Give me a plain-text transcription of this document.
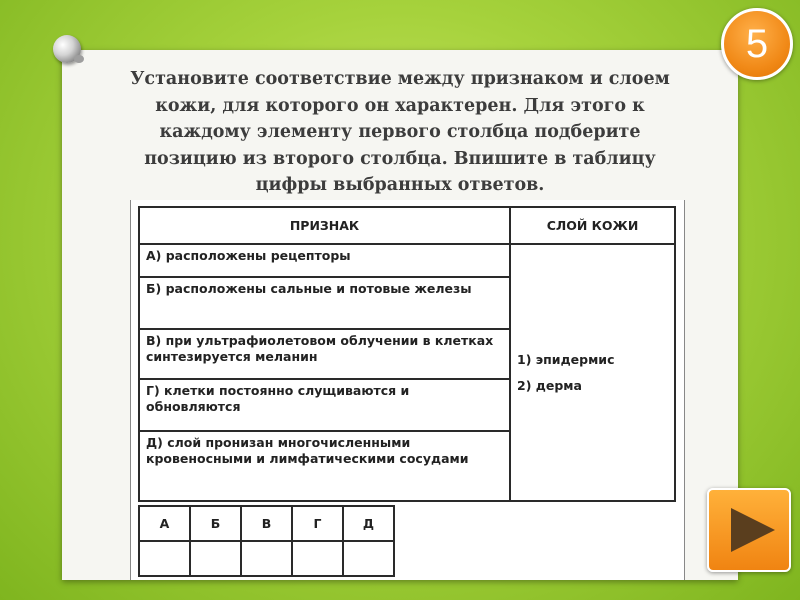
5
Установите соответствие между признаком и слоем
кожи, для которого он характерен. Для этого к
каждому элементу первого столбца подберите
позицию из второго столбца. Впишите в таблицу
цифры выбранных ответов.
ПРИЗНАК	СЛОЙ КОЖИ
А) расположены рецепторы	1) эпидермис
2) дерма

Б) расположены сальные и потовые железы	
В) при ультрафиолетовом облучении в клетках синтезируется меланин	
Г) клетки постоянно слущиваются и обновляются	
Д) слой пронизан многочисленными кровеносными и лимфатическими сосудами	
А	Б	В	Г	Д
